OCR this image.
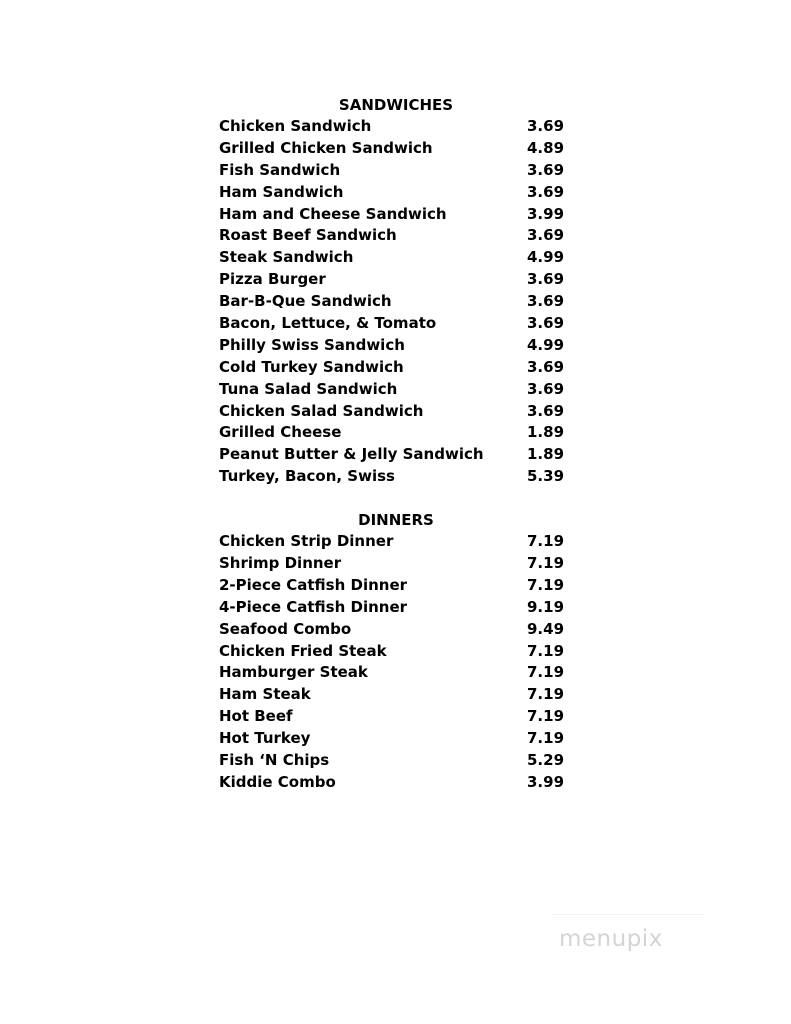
SANDWICHES
Chicken Sandwich	3.69
Grilled Chicken Sandwich	4.89
Fish Sandwich	3.69
Ham Sandwich	3.69
Ham and Cheese Sandwich	3.99
Roast Beef Sandwich	3.69
Steak Sandwich	4.99
Pizza Burger	3.69
Bar-B-Que Sandwich	3.69
Bacon, Lettuce, & Tomato	3.69
Philly Swiss Sandwich	4.99
Cold Turkey Sandwich	3.69
Tuna Salad Sandwich	3.69
Chicken Salad Sandwich	3.69
Grilled Cheese	1.89
Peanut Butter & Jelly Sandwich	1.89
Turkey, Bacon, Swiss	5.39
DINNERS
Chicken Strip Dinner	7.19
Shrimp Dinner	7.19
2-Piece Catfish Dinner	7.19
4-Piece Catfish Dinner	9.19
Seafood Combo	9.49
Chicken Fried Steak	7.19
Hamburger Steak	7.19
Ham Steak	7.19
Hot Beef	7.19
Hot Turkey	7.19
Fish ‘N Chips	5.29
Kiddie Combo	3.99
menupix
